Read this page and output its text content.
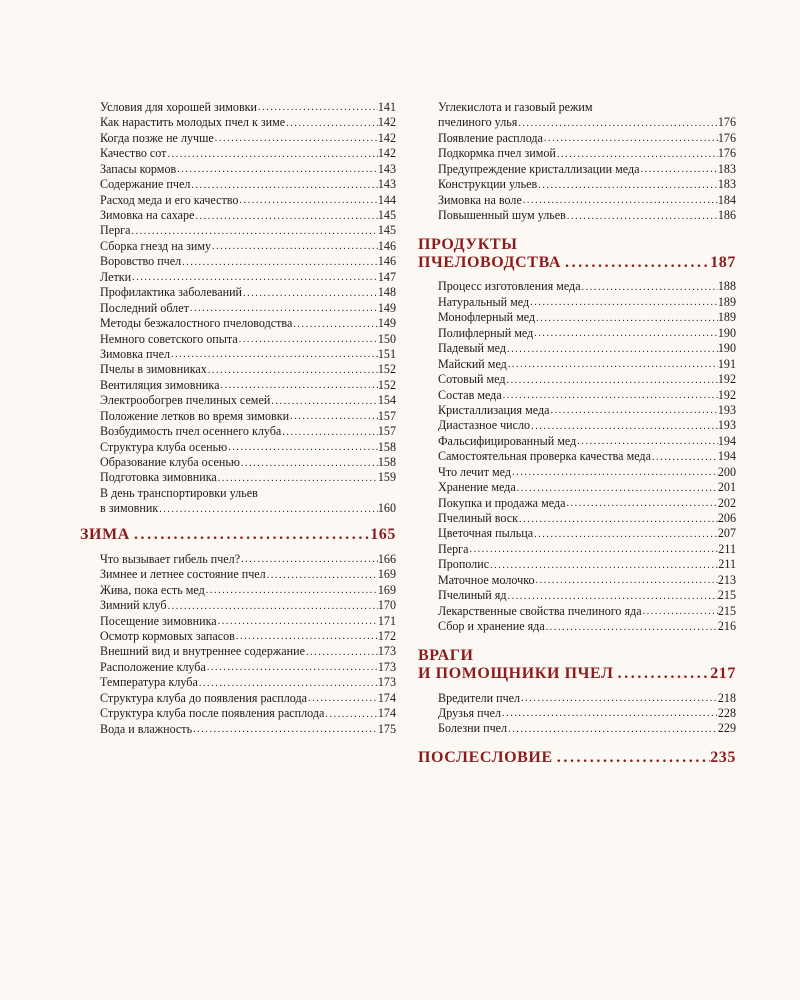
Условия для хорошей зимовки .....	141
Как нарастить молодых пчел к зиме .....	142
Когда позже не лучше .....	142
Качество сот .....	142
Запасы кормов .....	143
Содержание пчел .....	143
Расход меда и его качество .....	144
Зимовка на сахаре .....	145
Перга .....	145
Сборка гнезд на зиму .....	146
Воровство пчел .....	146
Летки .....	147
Профилактика заболеваний .....	148
Последний облет .....	149
Методы безжалостного пчеловодства .....	149
Немного советского опыта .....	150
Зимовка пчел .....	151
Пчелы в зимовниках .....	152
Вентиляция зимовника .....	152
Электрообогрев пчелиных семей .....	154
Положение летков во время зимовки .....	157
Возбудимость пчел осеннего клуба .....	157
Структура клуба осенью .....	158
Образование клуба осенью .....	158
Подготовка зимовника .....	159
В день транспортировки ульев
в зимовник .....	160
ЗИМА .....	165
Что вызывает гибель пчел? .....	166
Зимнее и летнее состояние пчел .....	169
Жива, пока есть мед .....	169
Зимний клуб .....	170
Посещение зимовника .....	171
Осмотр кормовых запасов .....	172
Внешний вид и внутреннее содержание .....	173
Расположение клуба .....	173
Температура клуба .....	173
Структура клуба до появления расплода .....	174
Структура клуба после появления расплода .....	174
Вода и влажность .....	175
Углекислота и газовый режим
пчелиного улья .....	176
Появление расплода .....	176
Подкормка пчел зимой .....	176
Предупреждение кристаллизации меда .....	183
Конструкции ульев .....	183
Зимовка на воле .....	184
Повышенный шум ульев .....	186
ПРОДУКТЫ
ПЧЕЛОВОДСТВА .....	187
Процесс изготовления меда .....	188
Натуральный мед .....	189
Монофлерный мед .....	189
Полифлерный мед .....	190
Падевый мед .....	190
Майский мед .....	191
Сотовый мед .....	192
Состав меда .....	192
Кристаллизация меда .....	193
Диастазное число .....	193
Фальсифицированный мед .....	194
Самостоятельная проверка качества меда .....	194
Что лечит мед .....	200
Хранение меда .....	201
Покупка и продажа меда .....	202
Пчелиный воск .....	206
Цветочная пыльца .....	207
Перга .....	211
Прополис .....	211
Маточное молочко .....	213
Пчелиный яд .....	215
Лекарственные свойства пчелиного яда .....	215
Сбор и хранение яда .....	216
ВРАГИ
И ПОМОЩНИКИ ПЧЕЛ .....	217
Вредители пчел .....	218
Друзья пчел .....	228
Болезни пчел .....	229
ПОСЛЕСЛОВИЕ .....	235
